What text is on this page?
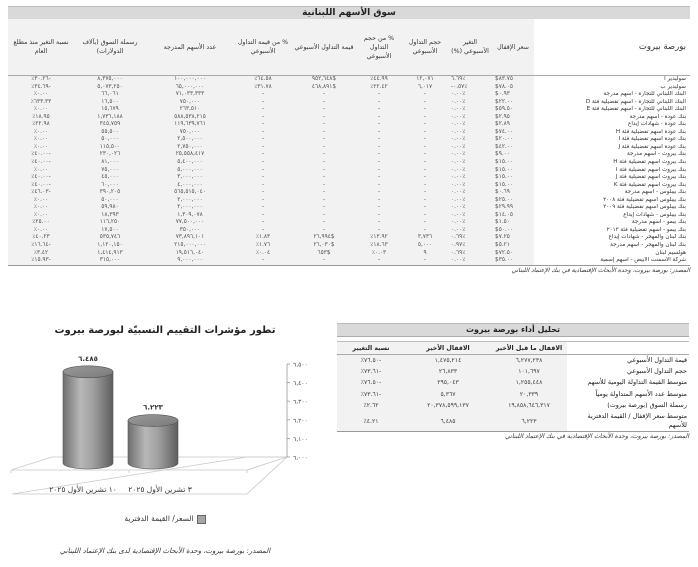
سوق الأسهم اللبنانية
بورصة بيروت	سعر الإقفال	التغير الأسبوعي (%)	حجم التداول الأسبوعي	% من حجم التداول الأسبوعي	قيمة التداول الأسبوعي	% من قيمة التداول الأسبوعي	عدد الأسهم المدرجة	رسملة السوق (بآلاف الدولارات)	نسبة التغير منذ مطلع العام
سوليدير أ	$٨٣.٧٥	٦.٦٩٪	١٢,٠٧١	٤٤.٩٩٪	$٩٥٢,٦٤٨	٦٤.٥٨٪	١٠٠,٠٠٠,٠٠٠	٨,٣٧٥,٠٠٠	-٣٠.٢٦٪
سوليدير ب	$٧٨.٠٥	-٠.٥٧٪	٦,٠١٧	٢٢.٤٢٪	$٤٦٨,٨٩١	٣١.٧٨٪	٦٥,٠٠٠,٠٠٠	٥,٠٧٣,٢٥٠	-٣٤.٦٩٪
البنك اللبناني للتجارة - أسهم مدرجة	$٠.٩٣	٠.٠٠٪	-	-	-	-	٧١,٠٣٣,٣٣٣	٦٦,٠٦١	٠.٠٠٪
البنك اللبناني للتجارة - أسهم تفضيلية فئة D	$٢٢.٠٠	٠.٠٠٪	-	-	-	-	٧٥٠,٠٠٠	١٦,٥٠٠	٦٣٣.٣٣٪
البنك اللبناني للتجارة - أسهم تفضيلية فئة E	$٥٩.٥٠	٠.٠٠٪	-	-	-	-	٢٦٣,٥١٠	١٥,٦٧٩	٠.٠٠٪
بنك عودة - أسهم مدرجة	$٢.٩٥	٠.٠٠٪	-	-	-	-	٥٨٨,٥٣٨,٢١٥	١,٧٣٦,١٨٨	١٨.٩٥٪
بنك عودة - شهادات إيداع	$٢.٨٩	٠.٠٠٪	-	-	-	-	١١٩,٦٣٩,٧٦١	٣٤٥,٧٥٩	٢٢.٩٨٪
بنك عودة أسهم تفضيلية فئة H	$٧٤.٠٠	٠.٠٠٪	-	-	-	-	٧٥٠,٠٠٠	٥٥,٥٠٠	٠.٠٠٪
بنك عودة أسهم تفضيلية فئة I	$٢٠.٠٠	٠.٠٠٪	-	-	-	-	٢,٥٠٠,٠٠٠	٥٠,٠٠٠	٠.٠٠٪
بنك عودة أسهم تفضيلية فئة J	$٤٢.٠٠	٠.٠٠٪	-	-	-	-	٢,٧٥٠,٠٠٠	١١٥,٥٠٠	٠.٠٠٪
بنك بيروت - أسهم مدرجة	$٩.٠٠	٠.٠٠٪	-	-	-	-	٢٥,٥٥٨,٤١٧	٢٣٠,٠٢٦	-٤٠.٠٠٪
بنك بيروت أسهم تفضيلية فئة H	$١٥.٠٠	٠.٠٠٪	-	-	-	-	٥,٤٠٠,٠٠٠	٨١,٠٠٠	-٤٠.٠٠٪
بنك بيروت أسهم تفضيلية فئة I	$١٥.٠٠	٠.٠٠٪	-	-	-	-	٥,٠٠٠,٠٠٠	٧٥,٠٠٠	٠.٠٠٪
بنك بيروت أسهم تفضيلية فئة J	$١٥.٠٠	٠.٠٠٪	-	-	-	-	٣,٠٠٠,٠٠٠	٤٥,٠٠٠	-٤٠.٠٠٪
بنك بيروت أسهم تفضيلية فئة K	$١٥.٠٠	٠.٠٠٪	-	-	-	-	٤,٠٠٠,٠٠٠	٦٠,٠٠٠	-٤٠.٠٠٪
بنك بيبلوس - أسهم مدرجة	$٠.٦٩	٠.٠٠٪	-	-	-	-	٥٦٥,٥١٥,٠٤٠	٣٩٠,٢٠٥	-٤٦.٠٣٪
بنك بيبلوس أسهم تفضيلية فئة ٢٠٠٨	$٢٥.٠٠	٠.٠٠٪	-	-	-	-	٢,٠٠٠,٠٠٠	٥٠,٠٠٠	٠.٠٠٪
بنك بيبلوس أسهم تفضيلية فئة ٢٠٠٩	$٢٩.٩٩	٠.٠٠٪	-	-	-	-	٢,٠٠٠,٠٠٠	٥٩,٩٨٠	٠.٠٠٪
بنك بيبلوس - شهادات إيداع	$١٤.٠٥	٠.٠٠٪	-	-	-	-	١,٣٠٩,٠٧٨	١٨,٣٩٣	٠.٠٠٪
بنك بيمو - أسهم مدرجة	$١.٥٠	٠.٠٠٪	-	-	-	-	٧٧,٥٠٠,٠٠٠	١١٦,٢٥٠	٢٥.٠٠٪
بنك بيمو - أسهم تفضيلية فئة ٢٠١٣	$٥٠.٠٠	٠.٠٠٪	-	-	-	-	٣٥٠,٠٠٠	١٧,٥٠٠	٠.٠٠٪
بنك لبنان والمهجر - شهادات إيداع	$٧.٢٥	٠.٦٩٪	٣,٧٣٦	١٣.٩٢٪	$٢٦,٩٩٤	١.٨٣٪	٧٣,٨٩٦,١٠١	٥٣٥,٧٤٦	٤٠.٢٣٪
بنك لبنان والمهجر - أسهم مدرجة	$٥.٢١	٠.٩٧٪	٥,٠٠٠	١٨.٦٣٪	$٢٦,٠٣٠	١.٧٦٪	٢١٥,٠٠٠,٠٠٠	١,١٢٠,١٥٠	-١٦.٦٤٪
هولسيم لبنان	$٧٢.٥٠	٠.٦٩٪	٩	٠.٠٣٪	$٦٥٣	٠.٠٤٪	١٩,٥١٦,٠٤٠	١,٤١٤,٩١٣	٣.٤٢٪
شركة الاسمنت الابيض - أسهم إسمية	$٣٥.٠٠	٠.٠٠٪	-	-	-	-	٩,٠٠٠,٠٠٠	٣١٥,٠٠٠	-١٥.٩٣٪
المصدر: بورصة بيروت، وحدة الأبحاث الإقتصادية في بنك الإعتماد اللبناني
٦,٠٠٠
٦,١٠٠
٦,٢٠٠
٦,٣٠٠
٦,٤٠٠
٦,٥٠٠
٦.٢٢٣
٣ تشرين الأول ٢٠٢٥
٦.٤٨٥
١٠ تشرين الأول ٢٠٢٥
تطور مؤشرات التقييم النسبيّة لبورصة بيروت
السعر/ القيمة الدفترية
المصدر: بورصة بيروت، وحدة الأبحاث الإقتصادية لدى بنك الإعتماد اللبناني
تحليل أداء بورصة بيروت
	الاقفال ما قبل الأخير	الاقفال الأخير	نسبة التغيير
قيمة التداول الأسبوعي	٦,٢٧٧,٢٣٨	١,٤٧٥,٢١٤	-٧٦.٥٠٪
حجم التداول الأسبوعي	١٠١,٦٩٧	٢٦,٨٣٣	-٧٣.٦١٪
متوسط القيمة التداولة اليومية للأسهم	١,٢٥٥,٤٤٨	٢٩٥,٠٤٣	-٧٦.٥٠٪
متوسط عدد الأسهم المتداولة يومياً	٢٠,٣٣٩	٥,٣٦٧	-٧٣.٦١٪
رسملة السوق (بورصة بيروت)	١٩,٨٥٨,٦٤٦,٣١٧	٢٠,٣٧٨,٥٩٩,١٣٧	٢.٦٢٪
متوسط سعر الإقفال / القيمة الدفترية للأسهم	٦,٢٢٣	٦,٤٨٥	٤.٢١٪
المصدر: بورصة بيروت، وحدة الأبحاث الإقتصادية في بنك الإعتماد اللبناني
